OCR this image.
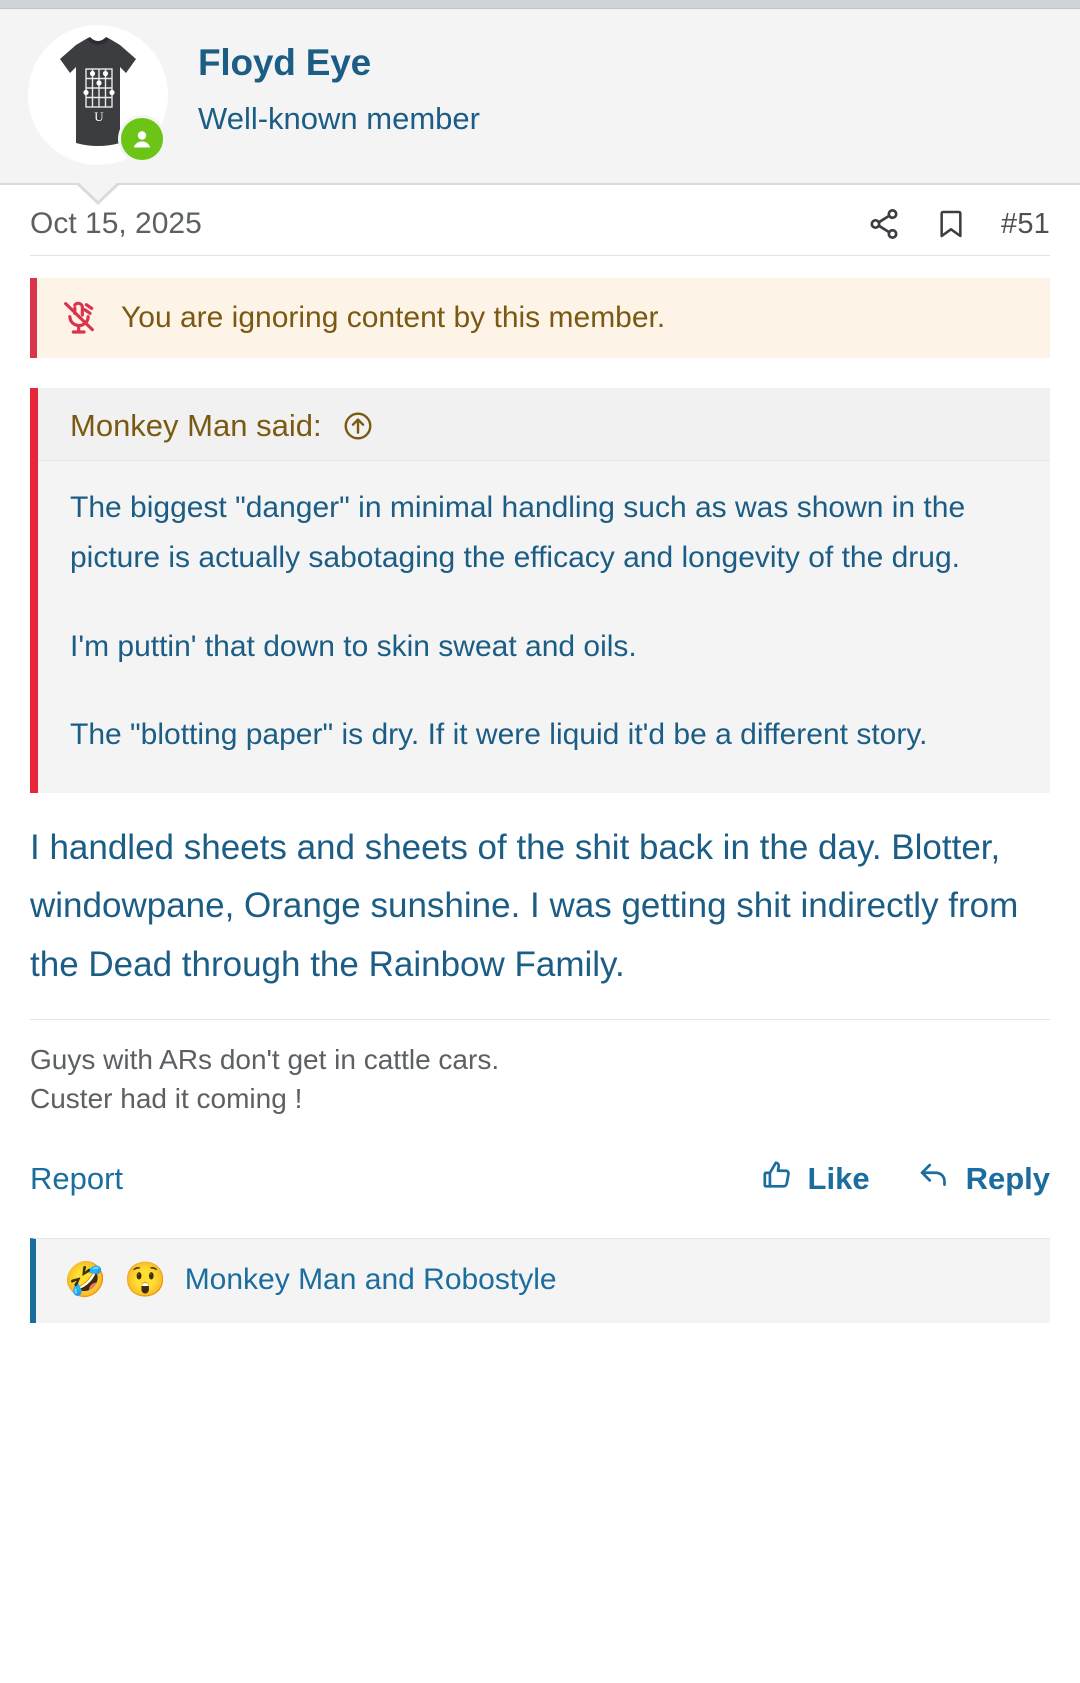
U
Floyd Eye
Well-known member
Oct 15, 2025	#51
You are ignoring content by this member.
Monkey Man said:

The biggest "danger" in minimal handling such as was shown in the picture is actually sabotaging the efficacy and longevity of the drug.

I'm puttin' that down to skin sweat and oils.

The "blotting paper" is dry. If it were liquid it'd be a different story.

I handled sheets and sheets of the shit back in the day. Blotter, windowpane, Orange sunshine. I was getting shit indirectly from the Dead through the Rainbow Family.
Guys with ARs don't get in cattle cars.
Custer had it coming !
Report	Like	Reply
🤣 😲 Monkey Man and Robostyle
